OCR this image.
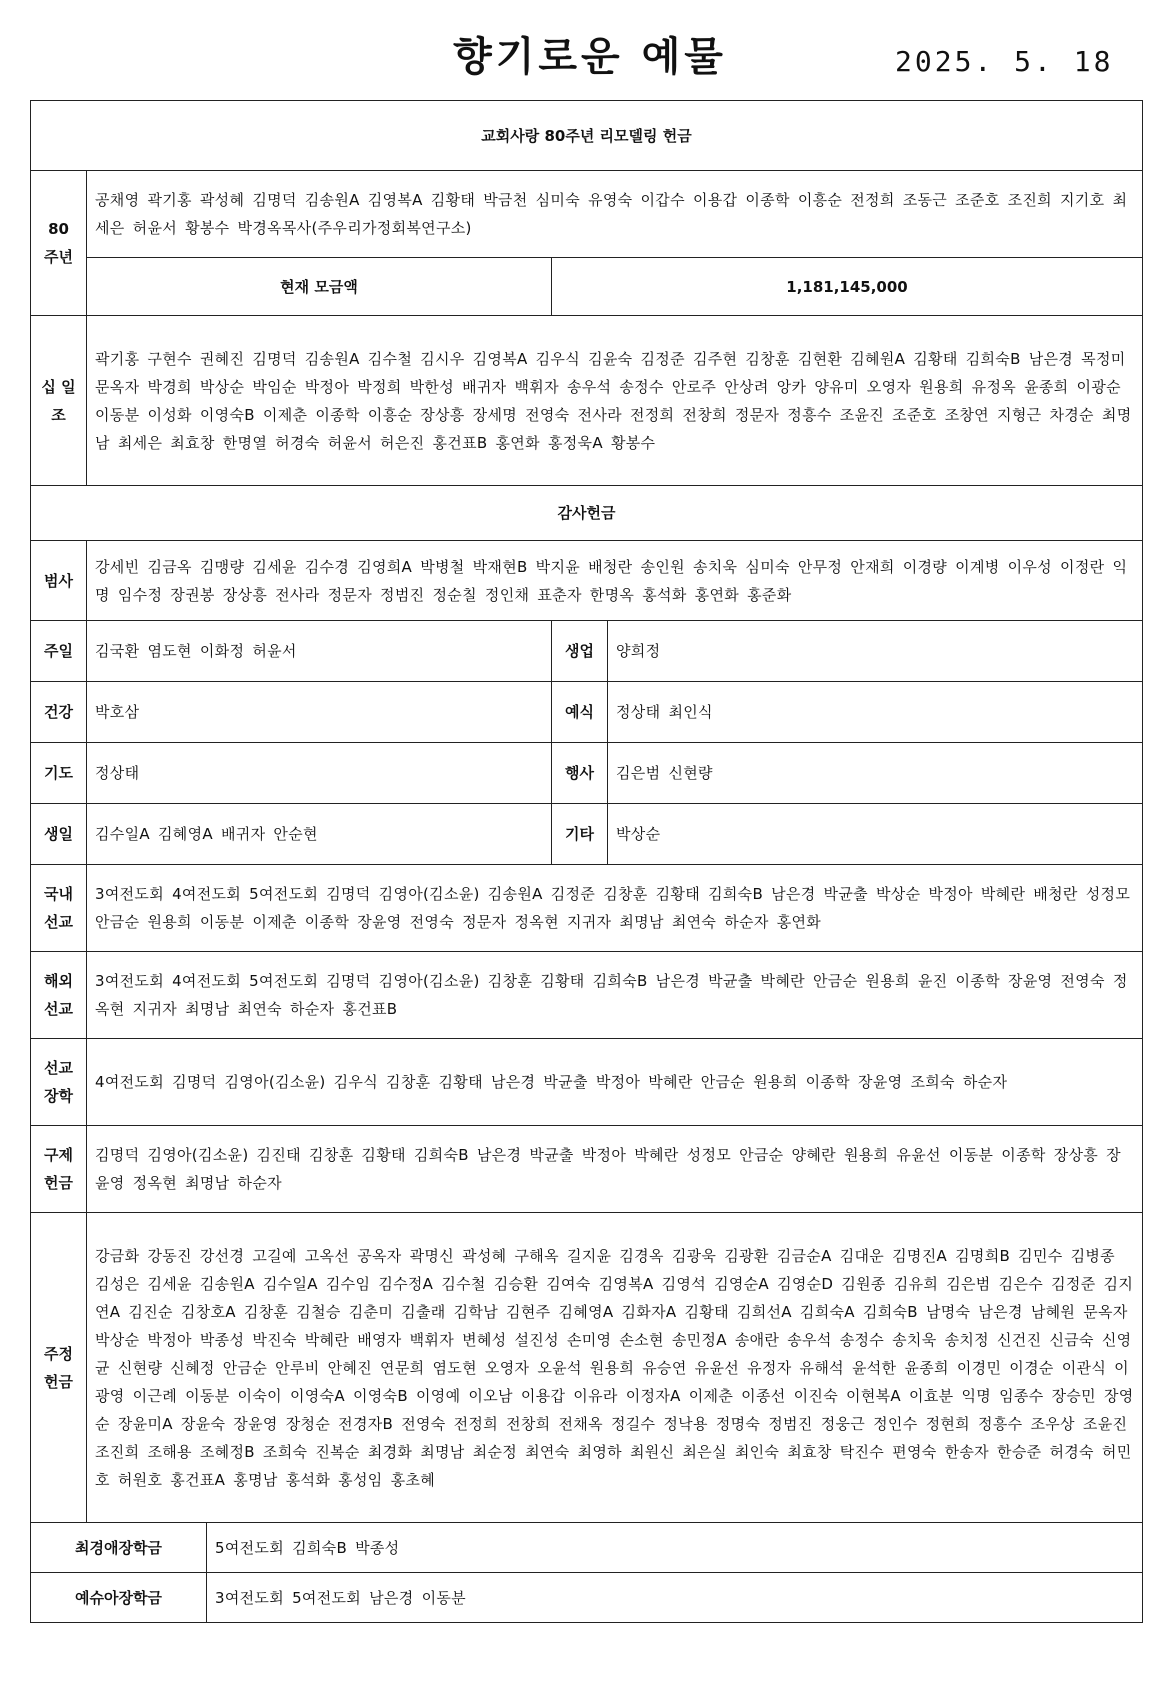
향기로운 예물	2025. 5. 18
교회사랑 80주년 리모델링 헌금				
80 주년	공채영 곽기홍 곽성혜 김명덕 김송원A 김영복A 김황태 박금천 심미숙 유영숙 이갑수 이용갑 이종학 이흥순 전정희 조동근 조준호 조진희 지기호 최세은 허윤서 황봉수 박경옥목사(주우리가정회복연구소)			
	현재 모금액		1,181,145,000	
십 일 조	곽기홍 구현수 권혜진 김명덕 김송원A 김수철 김시우 김영복A 김우식 김윤숙 김정준 김주현 김창훈 김현환 김혜원A 김황태 김희숙B 남은경 목정미 문옥자 박경희 박상순 박임순 박정아 박정희 박한성 배귀자 백휘자 송우석 송정수 안로주 안상려 앙카 양유미 오영자 원용희 유정옥 윤종희 이광순 이동분 이성화 이영숙B 이제춘 이종학 이흥순 장상흥 장세명 전영숙 전사라 전정희 전창희 정문자 정흥수 조윤진 조준호 조창연 지형근 차경순 최명남 최세은 최효창 한명열 허경숙 허윤서 허은진 홍건표B 홍연화 홍정욱A 황봉수			
감사헌금				
범사	강세빈 김금옥 김맹량 김세윤 김수경 김영희A 박병철 박재현B 박지윤 배청란 송인원 송치욱 심미숙 안무정 안재희 이경량 이계병 이우성 이정란 익명 임수정 장권봉 장상흥 전사라 정문자 정범진 정순칠 정인채 표춘자 한명옥 홍석화 홍연화 홍준화			
주일	김국환 염도현 이화정 허윤서		생업	양희정
건강	박호삼		예식	정상태 최인식
기도	정상태		행사	김은범 신현량
생일	김수일A 김혜영A 배귀자 안순현		기타	박상순
국내 선교	3여전도회 4여전도회 5여전도회 김명덕 김영아(김소윤) 김송원A 김정준 김창훈 김황태 김희숙B 남은경 박균출 박상순 박정아 박혜란 배청란 성정모 안금순 원용희 이동분 이제춘 이종학 장윤영 전영숙 정문자 정옥현 지귀자 최명남 최연숙 하순자 홍연화			
해외 선교	3여전도회 4여전도회 5여전도회 김명덕 김영아(김소윤) 김창훈 김황태 김희숙B 남은경 박균출 박혜란 안금순 원용희 윤진 이종학 장윤영 전영숙 정옥현 지귀자 최명남 최연숙 하순자 홍건표B			
선교 장학	4여전도회 김명덕 김영아(김소윤) 김우식 김창훈 김황태 남은경 박균출 박정아 박혜란 안금순 원용희 이종학 장윤영 조희숙 하순자			
구제 헌금	김명덕 김영아(김소윤) 김진태 김창훈 김황태 김희숙B 남은경 박균출 박정아 박혜란 성정모 안금순 양혜란 원용희 유윤선 이동분 이종학 장상흥 장윤영 정옥현 최명남 하순자			
주정 헌금	강금화 강동진 강선경 고길예 고옥선 공옥자 곽명신 곽성혜 구해옥 길지윤 김경옥 김광욱 김광환 김금순A 김대운 김명진A 김명희B 김민수 김병종 김성은 김세윤 김송원A 김수일A 김수임 김수정A 김수철 김승환 김여숙 김영복A 김영석 김영순A 김영순D 김원종 김유희 김은범 김은수 김정준 김지연A 김진순 김창호A 김창훈 김철승 김춘미 김출래 김학남 김현주 김혜영A 김화자A 김황태 김희선A 김희숙A 김희숙B 남명숙 남은경 남혜원 문옥자 박상순 박정아 박종성 박진숙 박혜란 배영자 백휘자 변혜성 설진성 손미영 손소현 송민정A 송애란 송우석 송정수 송치욱 송치정 신건진 신금숙 신영균 신현량 신혜정 안금순 안루비 안혜진 연문희 염도현 오영자 오윤석 원용희 유승연 유윤선 유정자 유해석 윤석한 윤종희 이경민 이경순 이관식 이광영 이근례 이동분 이숙이 이영숙A 이영숙B 이영예 이오남 이용갑 이유라 이정자A 이제춘 이종선 이진숙 이현복A 이효분 익명 임종수 장승민 장영순 장윤미A 장윤숙 장윤영 장청순 전경자B 전영숙 전정희 전창희 전채옥 정길수 정낙용 정명숙 정범진 정웅근 정인수 정현희 정흥수 조우상 조윤진 조진희 조해용 조혜정B 조희숙 진복순 최경화 최명남 최순정 최연숙 최영하 최원신 최은실 최인숙 최효창 탁진수 편영숙 한송자 한승준 허경숙 허민호 허원호 홍건표A 홍명남 홍석화 홍성임 홍초혜			
최경애장학금		5여전도회 김희숙B 박종성		
예슈아장학금		3여전도회 5여전도회 남은경 이동분		
